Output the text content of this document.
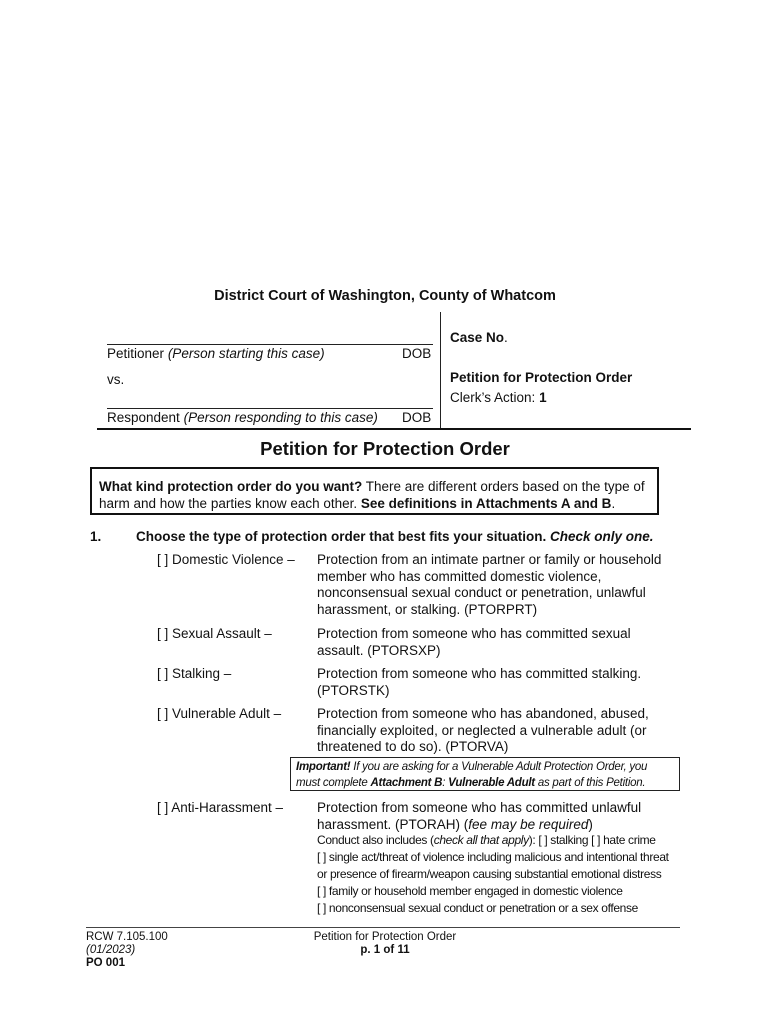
District Court of Washington, County of Whatcom
Petitioner (Person starting this case)	DOB
vs.
Respondent (Person responding to this case) DOB
Case No.
Petition for Protection Order
Clerk’s Action: 1
Petition for Protection Order
What kind protection order do you want? There are different orders based on the type of
harm and how the parties know each other. See definitions in Attachments A and B.
1.	Choose the type of protection order that best fits your situation. Check only one.
[ ] Domestic Violence – Protection from an intimate partner or family or household
member who has committed domestic violence,
nonconsensual sexual conduct or penetration, unlawful
harassment, or stalking. (PTORPRT)
[ ] Sexual Assault –	Protection from someone who has committed sexual
assault. (PTORSXP)
[ ] Stalking –	Protection from someone who has committed stalking.
(PTORSTK)
[ ] Vulnerable Adult –	Protection from someone who has abandoned, abused,
financially exploited, or neglected a vulnerable adult (or
threatened to do so). (PTORVA)
Important! If you are asking for a Vulnerable Adult Protection Order, you
must complete Attachment B: Vulnerable Adult as part of this Petition.
[ ] Anti-Harassment –	Protection from someone who has committed unlawful
harassment. (PTORAH) (fee may be required)
Conduct also includes (check all that apply): [ ] stalking [ ] hate crime
[ ] single act/threat of violence including malicious and intentional threat
or presence of firearm/weapon causing substantial emotional distress
[ ] family or household member engaged in domestic violence
[ ] nonconsensual sexual conduct or penetration or a sex offense
RCW 7.105.100
(01/2023)
PO 001
Petition for Protection Order
p. 1 of 11
